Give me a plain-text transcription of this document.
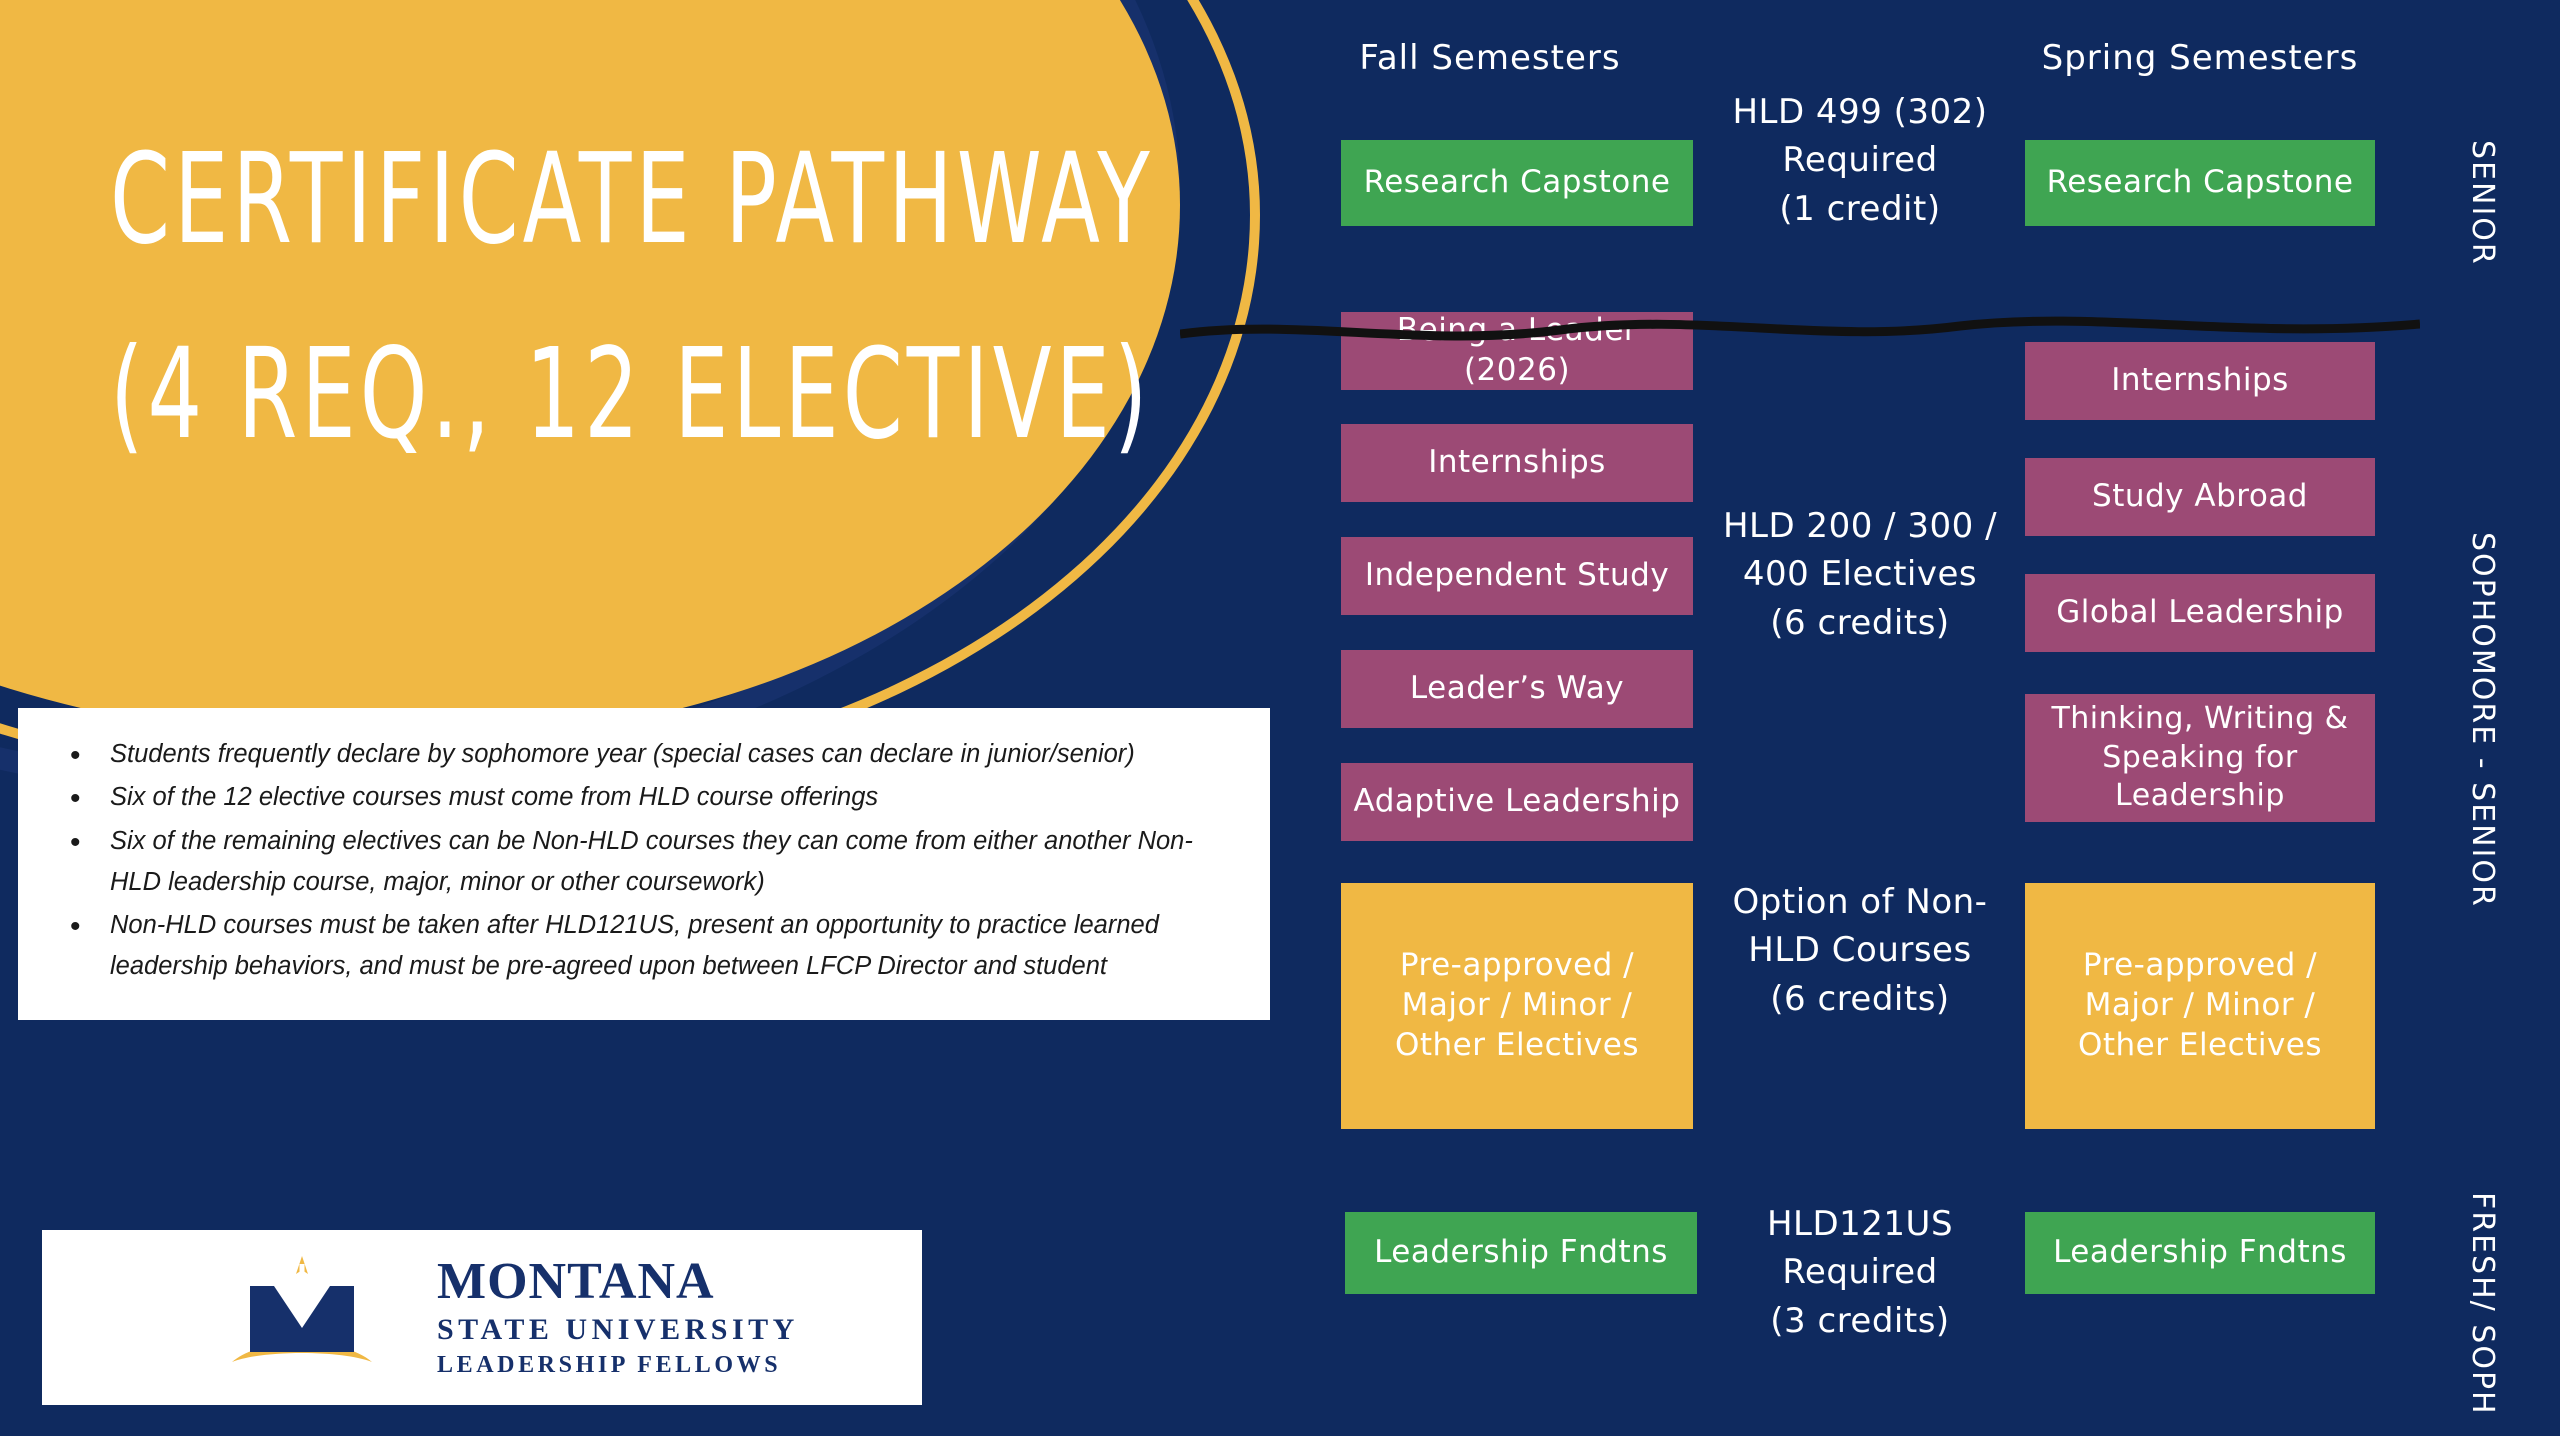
CERTIFICATE PATHWAY
(4 REQ., 12 ELECTIVE)
• Students frequently declare by sophomore year (special cases can declare in junior/senior)
• Six of the 12 elective courses must come from HLD course offerings
• Six of the remaining electives can be Non-HLD courses they can come from either another Non-HLD leadership course, major, minor or other coursework)
• Non-HLD courses must be taken after HLD121US, present an opportunity to practice learned leadership behaviors, and must be pre-agreed upon between LFCP Director and student
MONTANA
STATE UNIVERSITY
LEADERSHIP FELLOWS
Fall Semesters	Spring Semesters
Research Capstone
Being a Leader (2026)
Internships
Independent Study
Leader’s Way
Adaptive Leadership
Pre-approved /
Major / Minor /
Other Electives
Leadership Fndtns
HLD 499 (302)
Required
(1 credit)
HLD 200 / 300 /
400 Electives
(6 credits)
Option of Non-
HLD Courses
(6 credits)
HLD121US
Required
(3 credits)
Research Capstone
Internships
Study Abroad
Global Leadership
Thinking, Writing &
Speaking for Leadership
Pre-approved /
Major / Minor /
Other Electives
Leadership Fndtns
SENIOR
SOPHOMORE - SENIOR
FRESH/ SOPH
